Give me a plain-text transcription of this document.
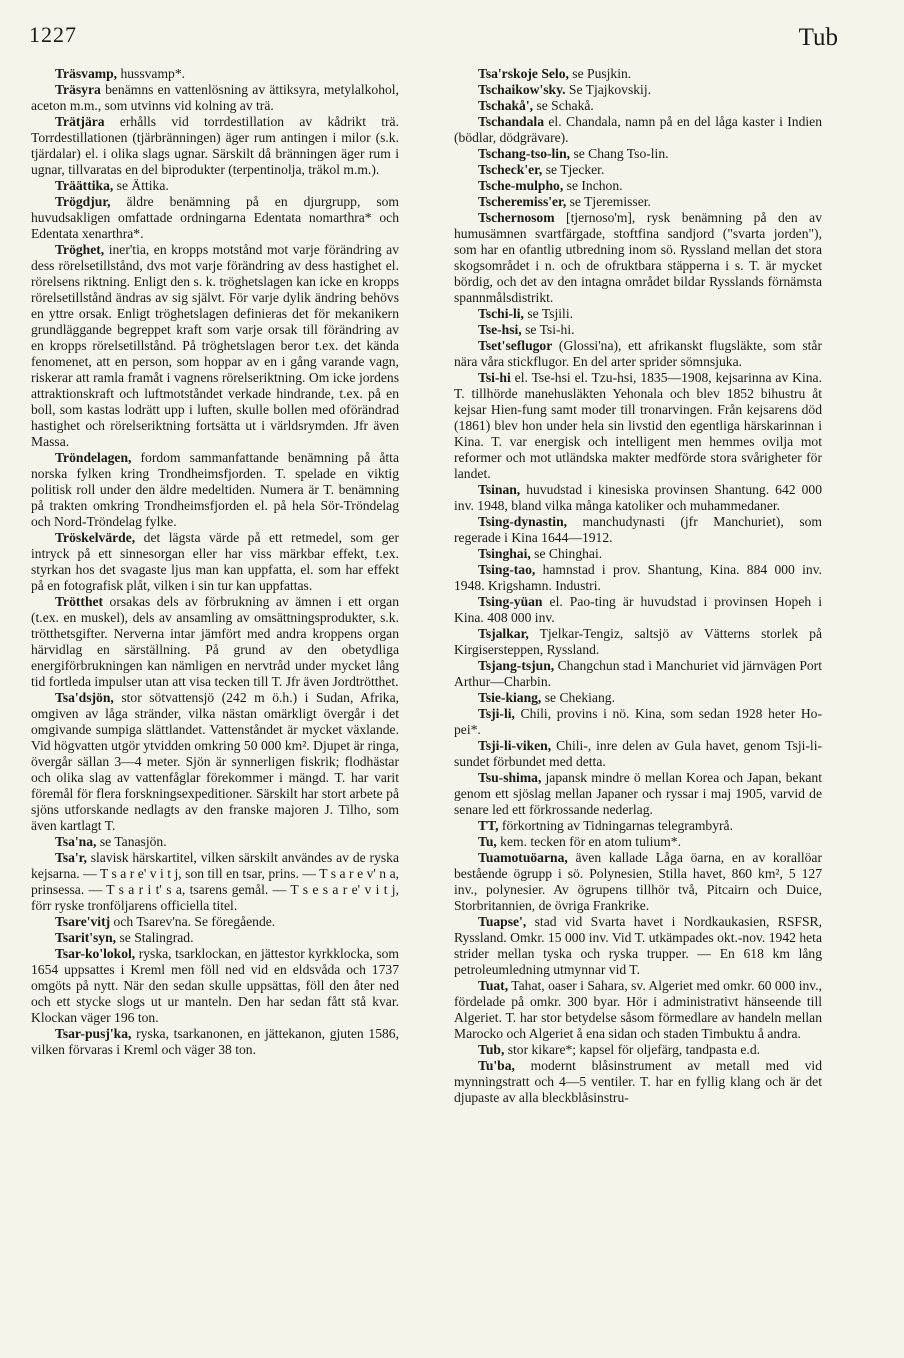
1227	Tub

Träsvamp, hussvamp*.

Träsyra benämns en vattenlösning av ättiksyra, metylalkohol, aceton m.m., som utvinns vid kolning av trä.

Trätjära erhålls vid torrdestillation av kådrikt trä. Torrdestillationen (tjärbränningen) äger rum antingen i milor (s.k. tjärdalar) el. i olika slags ugnar. Särskilt då bränningen äger rum i ugnar, tillvaratas en del biprodukter (terpentinolja, träkol m.m.).

Träättika, se Ättika.

Trögdjur, äldre benämning på en djurgrupp, som huvudsakligen omfattade ordningarna Edentata nomarthra* och Edentata xenarthra*.

Tröghet, iner'tia, en kropps motstånd mot varje förändring av dess rörelsetillstånd, dvs mot varje förändring av dess hastighet el. rörelsens riktning. Enligt den s. k. tröghetslagen kan icke en kropps rörelsetillstånd ändras av sig självt. För varje dylik ändring behövs en yttre orsak. Enligt tröghetslagen definieras det för mekanikern grundläggande begreppet kraft som varje orsak till förändring av en kropps rörelsetillstånd. På tröghetslagen beror t.ex. det kända fenomenet, att en person, som hoppar av en i gång varande vagn, riskerar att ramla framåt i vagnens rörelseriktning. Om icke jordens attraktionskraft och luftmotståndet verkade hindrande, t.ex. på en boll, som kastas lodrätt upp i luften, skulle bollen med oförändrad hastighet och rörelseriktning fortsätta ut i världsrymden. Jfr även Massa.

Tröndelagen, fordom sammanfattande benämning på åtta norska fylken kring Trondheimsfjorden. T. spelade en viktig politisk roll under den äldre medeltiden. Numera är T. benämning på trakten omkring Trondheimsfjorden el. på hela Sör-Tröndelag och Nord-Tröndelag fylke.

Tröskelvärde, det lägsta värde på ett retmedel, som ger intryck på ett sinnesorgan eller har viss märkbar effekt, t.ex. styrkan hos det svagaste ljus man kan uppfatta, el. som har effekt på en fotografisk plåt, vilken i sin tur kan uppfattas.

Trötthet orsakas dels av förbrukning av ämnen i ett organ (t.ex. en muskel), dels av ansamling av omsättningsprodukter, s.k. trötthetsgifter. Nerverna intar jämfört med andra kroppens organ härvidlag en särställning. På grund av den obetydliga energiförbrukningen kan nämligen en nervtråd under mycket lång tid fortleda impulser utan att visa tecken till T. Jfr även Jordtrötthet.

Tsa'dsjön, stor sötvattensjö (242 m ö.h.) i Sudan, Afrika, omgiven av låga stränder, vilka nästan omärkligt övergår i det omgivande sumpiga slättlandet. Vattenståndet är mycket växlande. Vid högvatten utgör ytvidden omkring 50 000 km². Djupet är ringa, övergår sällan 3—4 meter. Sjön är synnerligen fiskrik; flodhästar och olika slag av vattenfåglar förekommer i mängd. T. har varit föremål för flera forskningsexpeditioner. Särskilt har stort arbete på sjöns utforskande nedlagts av den franske majoren J. Tilho, som även kartlagt T.

Tsa'na, se Tanasjön.

Tsa'r, slavisk härskartitel, vilken särskilt användes av de ryska kejsarna. — T s a r e' v i t j, son till en tsar, prins. — T s a r e v' n a, prinsessa. — T s a r i t' s a, tsarens gemål. — T s e s a r e' v i t j, förr ryske tronföljarens officiella titel.

Tsare'vitj och Tsarev'na. Se föregående.

Tsarit'syn, se Stalingrad.

Tsar-ko'lokol, ryska, tsarklockan, en jättestor kyrkklocka, som 1654 uppsattes i Kreml men föll ned vid en eldsvåda och 1737 omgöts på nytt. När den sedan skulle uppsättas, föll den åter ned och ett stycke slogs ut ur manteln. Den har sedan fått stå kvar. Klockan väger 196 ton.

Tsar-pusj'ka, ryska, tsarkanonen, en jättekanon, gjuten 1586, vilken förvaras i Kreml och väger 38 ton.

Tsa'rskoje Selo, se Pusjkin.

Tschaikow'sky. Se Tjajkovskij.

Tschakå', se Schakå.

Tschandala el. Chandala, namn på en del låga kaster i Indien (bödlar, dödgrävare).

Tschang-tso-lin, se Chang Tso-lin.

Tscheck'er, se Tjecker.

Tsche-mulpho, se Inchon.

Tscheremiss'er, se Tjeremisser.

Tschernosom [tjernoso'm], rysk benämning på den av humusämnen svartfärgade, stoftfina sandjord ("svarta jorden"), som har en ofantlig utbredning inom sö. Ryssland mellan det stora skogsområdet i n. och de ofruktbara stäpperna i s. T. är mycket bördig, och det av den intagna området bildar Rysslands förnämsta spannmålsdistrikt.

Tschi-li, se Tsjili.

Tse-hsi, se Tsi-hi.

Tset'seflugor (Glossi'na), ett afrikanskt flugsläkte, som står nära våra stickflugor. En del arter sprider sömnsjuka.

Tsi-hi el. Tse-hsi el. Tzu-hsi, 1835—1908, kejsarinna av Kina. T. tillhörde manehusläkten Yehonala och blev 1852 bihustru åt kejsar Hien-fung samt moder till tronarvingen. Från kejsarens död (1861) blev hon under hela sin livstid den egentliga härskarinnan i Kina. T. var energisk och intelligent men hemmes ovilja mot reformer och mot utländska makter medförde stora svårigheter för landet.

Tsinan, huvudstad i kinesiska provinsen Shantung. 642 000 inv. 1948, bland vilka många katoliker och muhammedaner.

Tsing-dynastin, manchudynasti (jfr Manchuriet), som regerade i Kina 1644—1912.

Tsinghai, se Chinghai.

Tsing-tao, hamnstad i prov. Shantung, Kina. 884 000 inv. 1948. Krigshamn. Industri.

Tsing-yüan el. Pao-ting är huvudstad i provinsen Hopeh i Kina. 408 000 inv.

Tsjalkar, Tjelkar-Tengiz, saltsjö av Vätterns storlek på Kirgisersteppen, Ryssland.

Tsjang-tsjun, Changchun stad i Manchuriet vid järnvägen Port Arthur—Charbin.

Tsie-kiang, se Chekiang.

Tsji-li, Chili, provins i nö. Kina, som sedan 1928 heter Ho-pei*.

Tsji-li-viken, Chili-, inre delen av Gula havet, genom Tsji-li-sundet förbundet med detta.

Tsu-shima, japansk mindre ö mellan Korea och Japan, bekant genom ett sjöslag mellan Japaner och ryssar i maj 1905, varvid de senare led ett förkrossande nederlag.

TT, förkortning av Tidningarnas telegrambyrå.

Tu, kem. tecken för en atom tulium*.

Tuamotuöarna, även kallade Låga öarna, en av korallöar bestående ögrupp i sö. Polynesien, Stilla havet, 860 km², 5 127 inv., polynesier. Av ögrupens tillhör två, Pitcairn och Duice, Storbritannien, de övriga Frankrike.

Tuapse', stad vid Svarta havet i Nordkaukasien, RSFSR, Ryssland. Omkr. 15 000 inv. Vid T. utkämpades okt.-nov. 1942 heta strider mellan tyska och ryska trupper. — En 618 km lång petroleumledning utmynnar vid T.

Tuat, Tahat, oaser i Sahara, sv. Algeriet med omkr. 60 000 inv., fördelade på omkr. 300 byar. Hör i administrativt hänseende till Algeriet. T. har stor betydelse såsom förmedlare av handeln mellan Marocko och Algeriet å ena sidan och staden Timbuktu å andra.

Tub, stor kikare*; kapsel för oljefärg, tandpasta e.d.

Tu'ba, modernt blåsinstrument av metall med vid mynningstratt och 4—5 ventiler. T. har en fyllig klang och är det djupaste av alla bleckblåsinstru-
